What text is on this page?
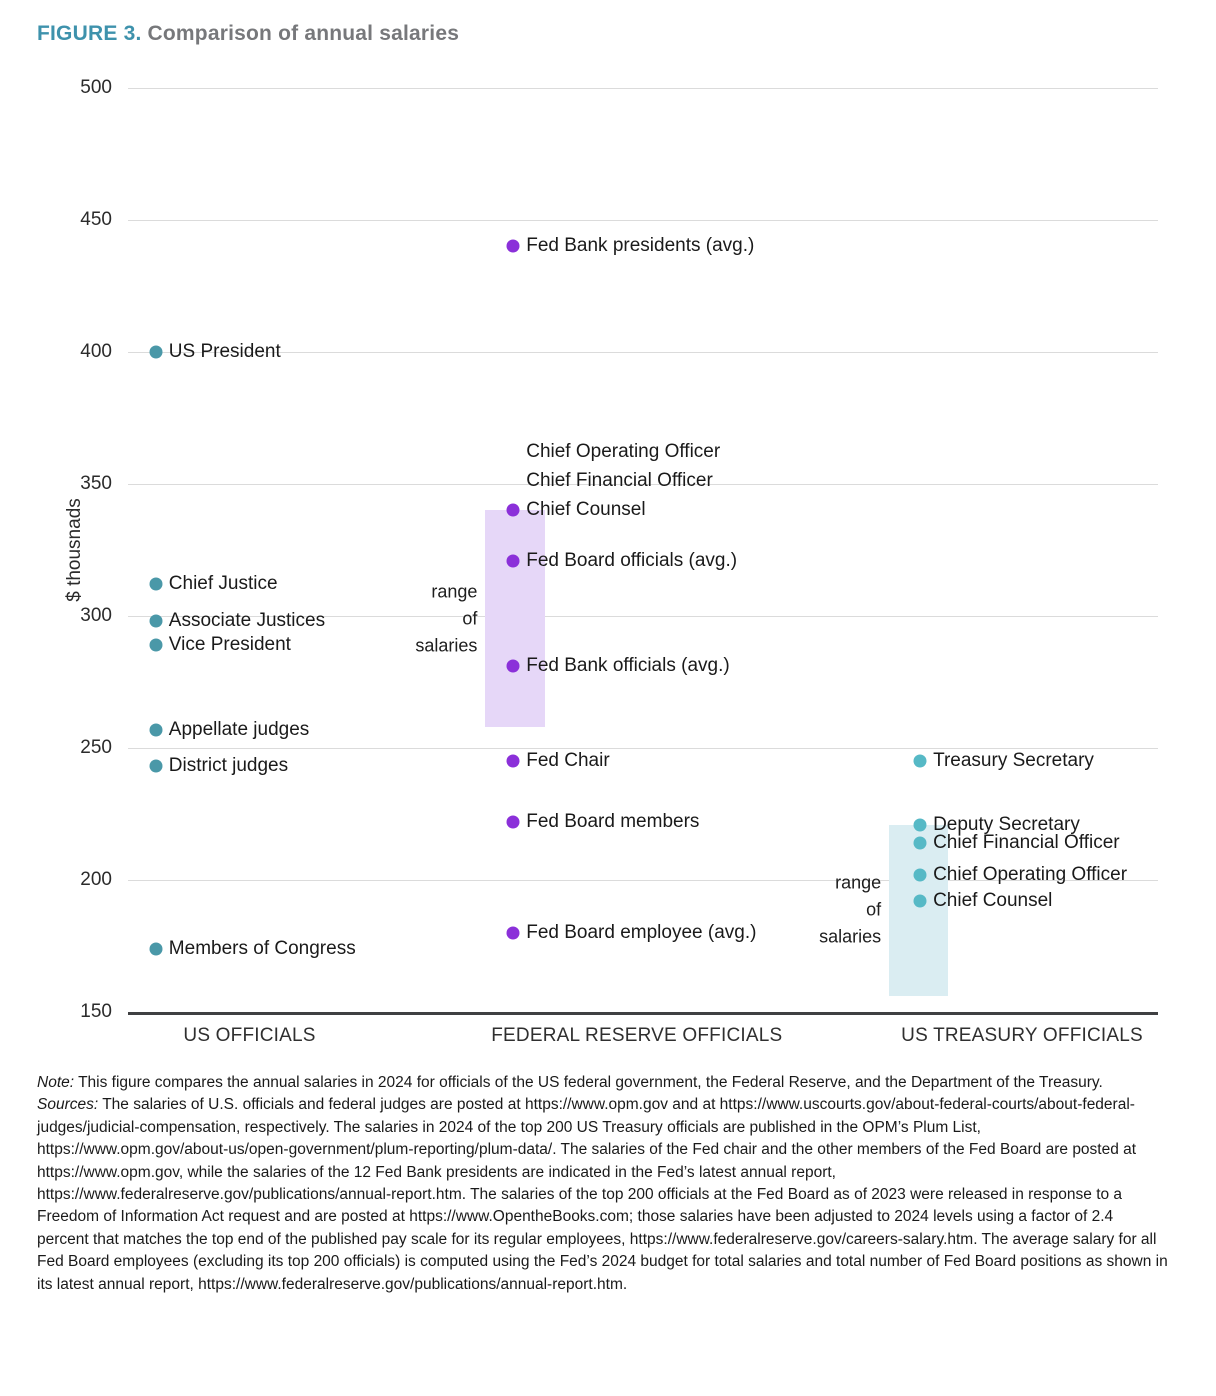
FIGURE 3. Comparison of annual salaries
$ thousnads
500
450
400
350
300
250
200
150
range of salaries
range of salaries
US President
Chief Justice
Associate Justices
Vice President
Appellate judges
District judges
Members of Congress
Fed Bank presidents (avg.)
Chief Operating Officer
Chief Financial Officer
Chief Counsel
Fed Board officials (avg.)
Fed Bank officials (avg.)
Fed Chair
Fed Board members
Fed Board employee (avg.)
Treasury Secretary
Deputy Secretary
Chief Financial Officer
Chief Operating Officer
Chief Counsel
US OFFICIALS	FEDERAL RESERVE OFFICIALS	US TREASURY OFFICIALS

Note: This figure compares the annual salaries in 2024 for officials of the US federal government, the Federal Reserve, and the Department of the Treasury.

Sources: The salaries of U.S. officials and federal judges are posted at https://www.opm.gov and at https://www.uscourts.gov/about-federal-courts/about-federal-judges/judicial-compensation, respectively. The salaries in 2024 of the top 200 US Treasury officials are published in the OPM’s Plum List, https://www.opm.gov/about-us/open-government/plum-reporting/plum-data/. The salaries of the Fed chair and the other members of the Fed Board are posted at https://www.opm.gov, while the salaries of the 12 Fed Bank presidents are indicated in the Fed’s latest annual report, https://www.federalreserve.gov/publications/annual-report.htm. The salaries of the top 200 officials at the Fed Board as of 2023 were released in response to a Freedom of Information Act request and are posted at https://www.OpentheBooks.com; those salaries have been adjusted to 2024 levels using a factor of 2.4 percent that matches the top end of the published pay scale for its regular employees, https://www.federalreserve.gov/careers-salary.htm. The average salary for all Fed Board employees (excluding its top 200 officials) is computed using the Fed’s 2024 budget for total salaries and total number of Fed Board positions as shown in its latest annual report, https://www.federalreserve.gov/publications/annual-report.htm.
